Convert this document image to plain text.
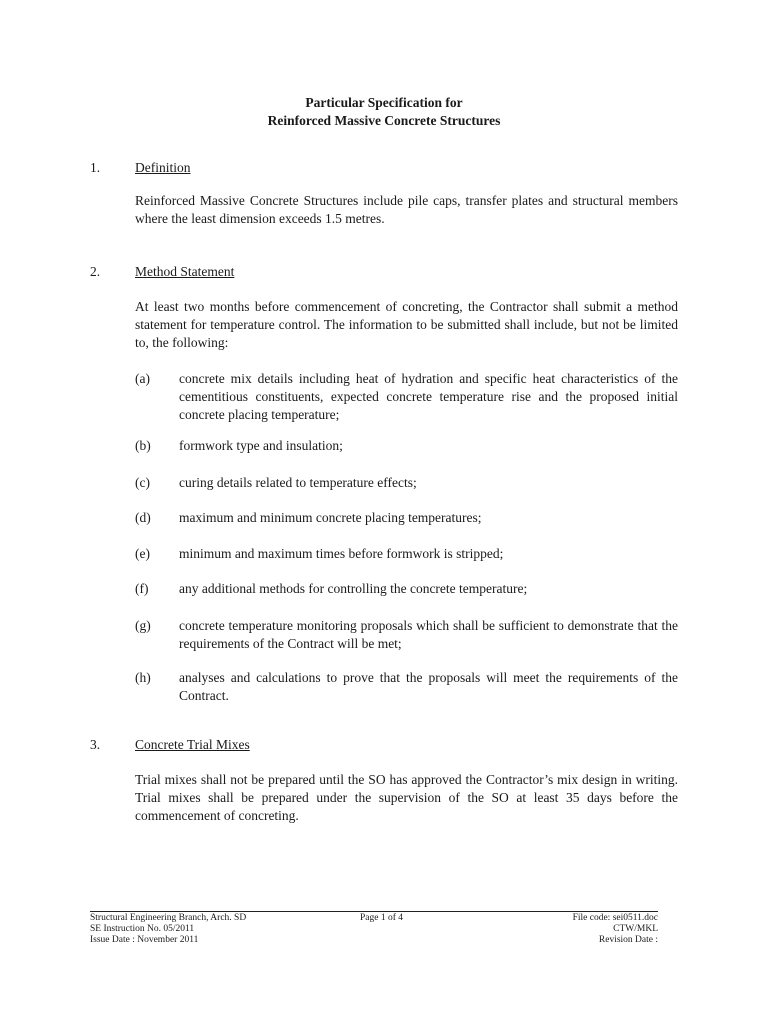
Particular Specification for
Reinforced Massive Concrete Structures
1.	Definition

Reinforced Massive Concrete Structures include pile caps, transfer plates and structural members where the least dimension exceeds 1.5 metres.

2.	Method Statement

At least two months before commencement of concreting, the Contractor shall submit a method statement for temperature control. The information to be submitted shall include, but not be limited to, the following:

(a) concrete mix details including heat of hydration and specific heat characteristics of the cementitious constituents, expected concrete temperature rise and the proposed initial concrete placing temperature;

(b) formwork type and insulation;

(c) curing details related to temperature effects;

(d) maximum and minimum concrete placing temperatures;

(e) minimum and maximum times before formwork is stripped;

(f) any additional methods for controlling the concrete temperature;

(g) concrete temperature monitoring proposals which shall be sufficient to demonstrate that the requirements of the Contract will be met;

(h) analyses and calculations to prove that the proposals will meet the requirements of the Contract.

3.	Concrete Trial Mixes

Trial mixes shall not be prepared until the SO has approved the Contractor’s mix design in writing. Trial mixes shall be prepared under the supervision of the SO at least 35 days before the commencement of concreting.

Structural Engineering Branch, Arch. SD
SE Instruction No. 05/2011
Issue Date : November 2011
Page 1 of 4	File code: sei0511.doc
CTW/MKL
Revision Date :
